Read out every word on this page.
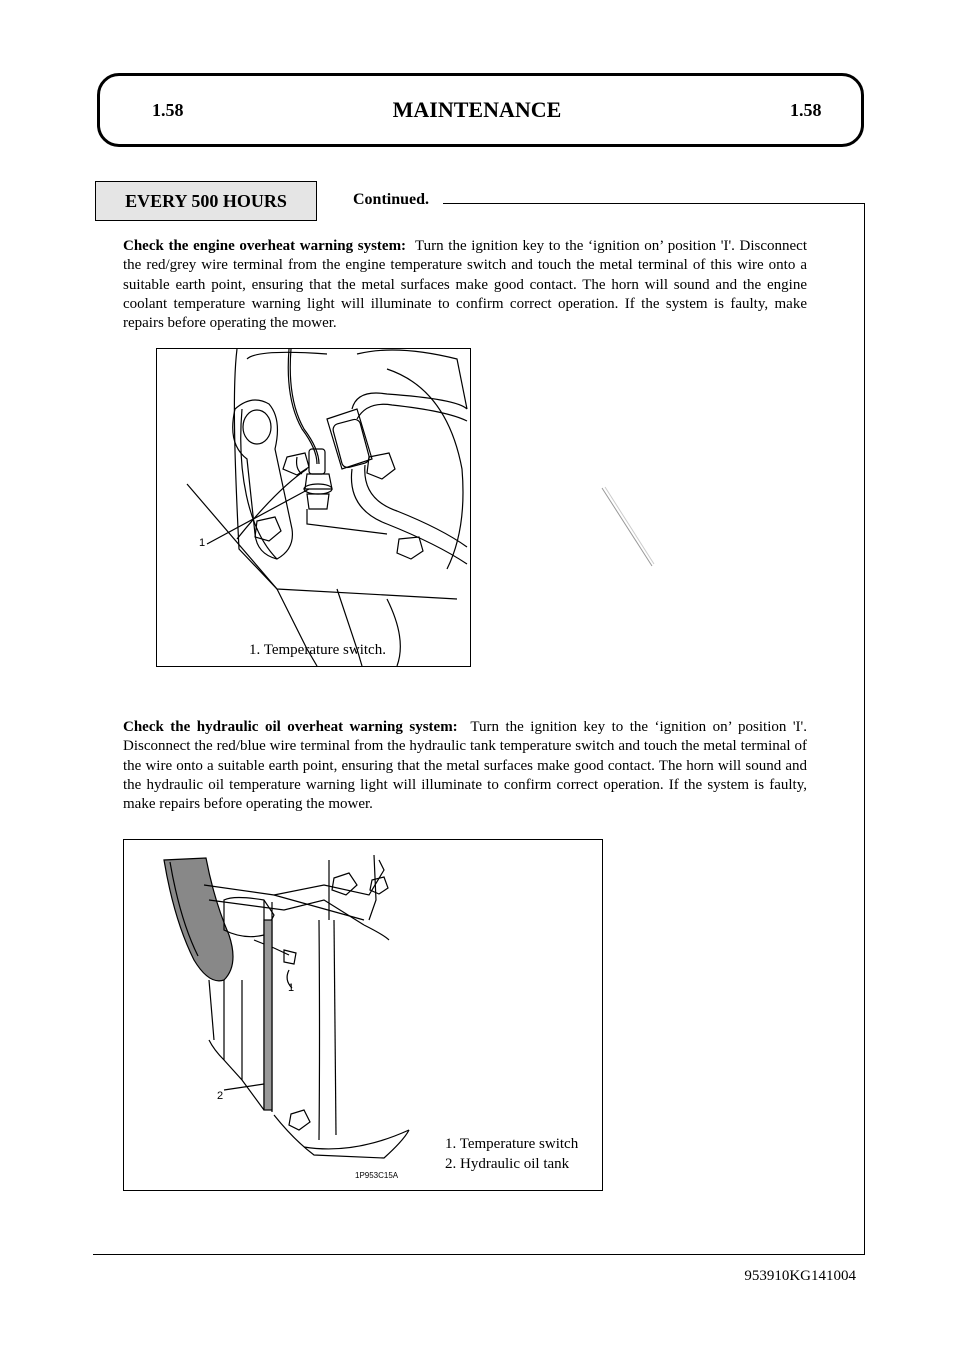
1.58	MAINTENANCE	1.58
EVERY 500 HOURS	Continued.
Check the engine overheat warning system: Turn the ignition key to the ‘ignition on’ position 'I'. Disconnect the red/grey wire terminal from the engine temperature switch and touch the metal terminal of this wire onto a suitable earth point, ensuring that the metal surfaces make good contact. The horn will sound and the engine coolant temperature warning light will illuminate to confirm correct operation. If the system is faulty, make repairs before operating the mower.
1
1. Temperature switch.
Check the hydraulic oil overheat warning system: Turn the ignition key to the ‘ignition on’ position 'I'. Disconnect the red/blue wire terminal from the hydraulic tank temperature switch and touch the metal terminal of the wire onto a suitable earth point, ensuring that the metal surfaces make good contact. The horn will sound and the hydraulic oil temperature warning light will illuminate to confirm correct operation. If the system is faulty, make repairs before operating the mower.
1
2
1P953C15A
1. Temperature switch
2. Hydraulic oil tank
953910KG141004
